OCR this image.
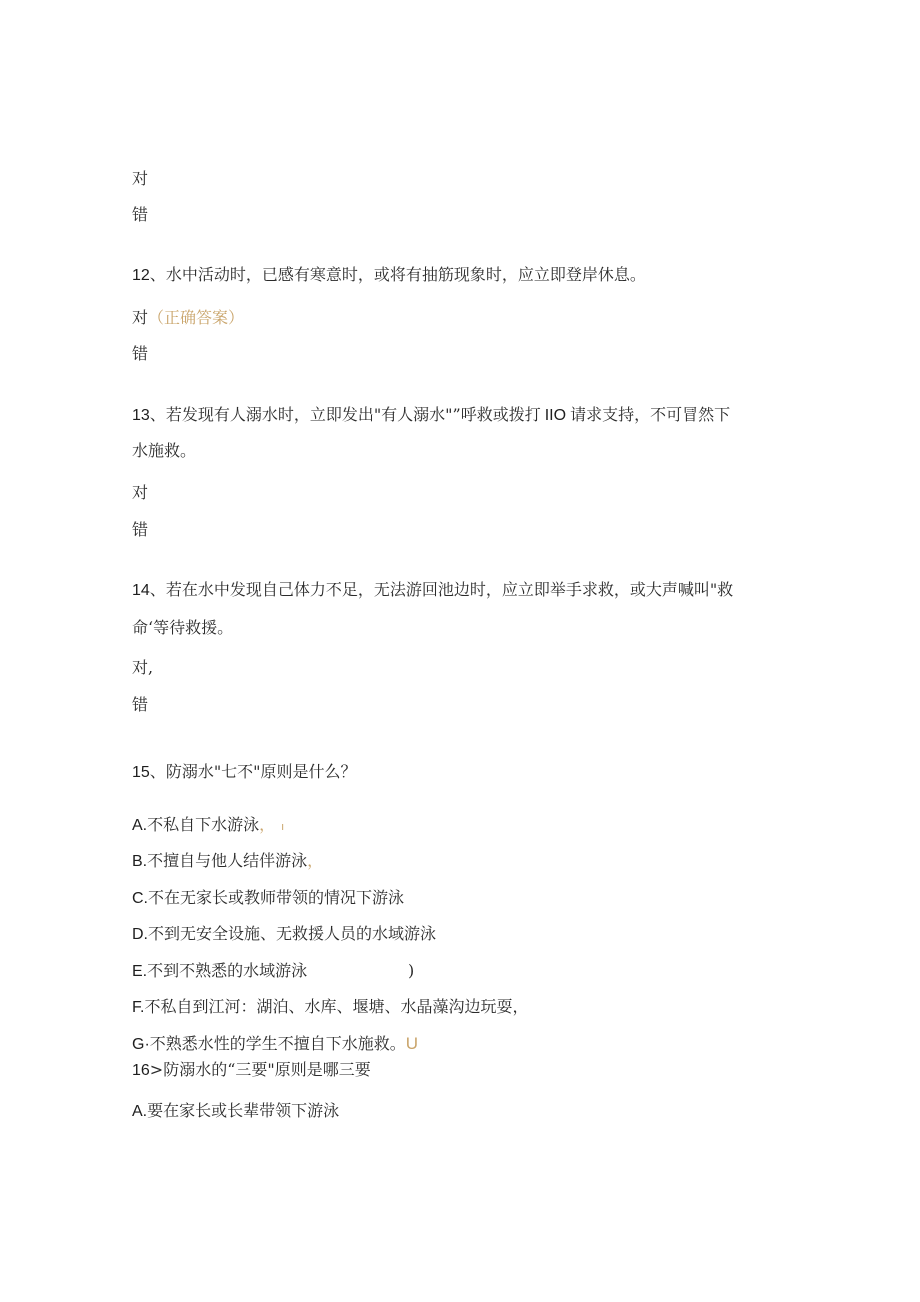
对
错
12、水中活动时，已感有寒意时，或将有抽筋现象时，应立即登岸休息。
对（正确答案）
错
13、若发现有人溺水时，立即发出"有人溺水"”呼救或拨打 IIO 请求支持，不可冒然下
水施救。
对
错
14、若在水中发现自己体力不足，无法游回池边时，应立即举手求救，或大声喊叫"救
命‘等待救援。
对,
错
15、防溺水"七不"原则是什么？
A.不私自下水游泳， ı
B.不擅自与他人结伴游泳，
C.不在无家长或教师带领的情况下游泳
D.不到无安全设施、无救援人员的水域游泳
E.不到不熟悉的水域游泳	)
F.不私自到江河：湖泊、水库、堰塘、水晶藻沟边玩耍，
G·不熟悉水性的学生不擅自下水施救。U
16>防溺水的“三要"原则是哪三要
A.要在家长或长辈带领下游泳
